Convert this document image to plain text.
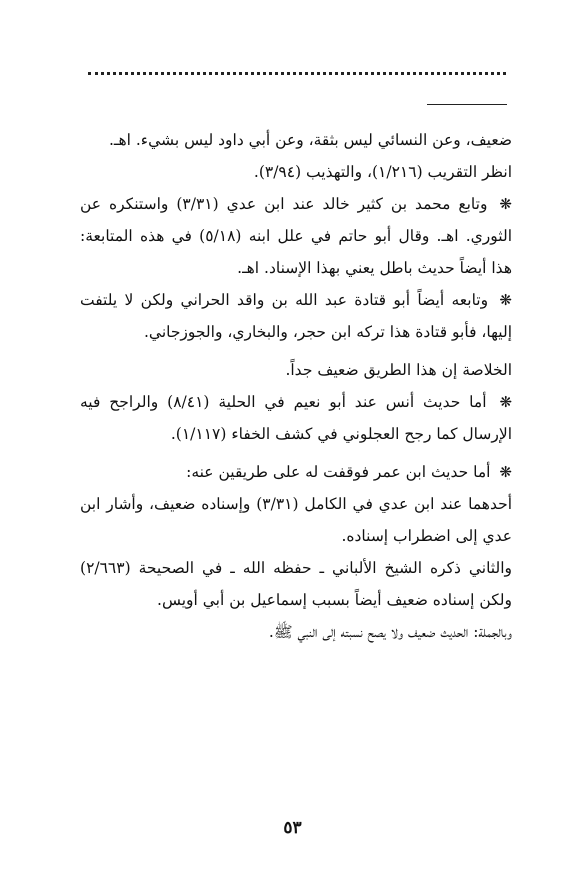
ضعيف، وعن النسائي ليس بثقة، وعن أبي داود ليس بشيء. اهـ.

انظر التقريب (١/٢١٦)، والتهذيب (٣/٩٤).

❋ وتابع محمد بن كثير خالد عند ابن عدي (٣/٣١) واستنكره عن الثوري. اهـ. وقال أبو حاتم في علل ابنه (٥/١٨) في هذه المتابعة: هذا أيضاً حديث باطل يعني بهذا الإسناد. اهـ.

❋ وتابعه أيضاً أبو قتادة عبد الله بن واقد الحراني ولكن لا يلتفت إليها، فأبو قتادة هذا تركه ابن حجر، والبخاري، والجوزجاني.

الخلاصة إن هذا الطريق ضعيف جداً.

❋ أما حديث أنس عند أبو نعيم في الحلية (٨/٤١) والراجح فيه الإرسال كما رجح العجلوني في كشف الخفاء (١/١١٧).

❋ أما حديث ابن عمر فوقفت له على طريقين عنه:

أحدهما عند ابن عدي في الكامل (٣/٣١) وإسناده ضعيف، وأشار ابن عدي إلى اضطراب إسناده.

والثاني ذكره الشيخ الألباني ـ حفظه الله ـ في الصحيحة (٢/٦٦٣) ولكن إسناده ضعيف أيضاً بسبب إسماعيل بن أبي أويس.

وبالجملة: الحديث ضعيف ولا يصح نسبته إلى النبي ﷺ.

٥٣
